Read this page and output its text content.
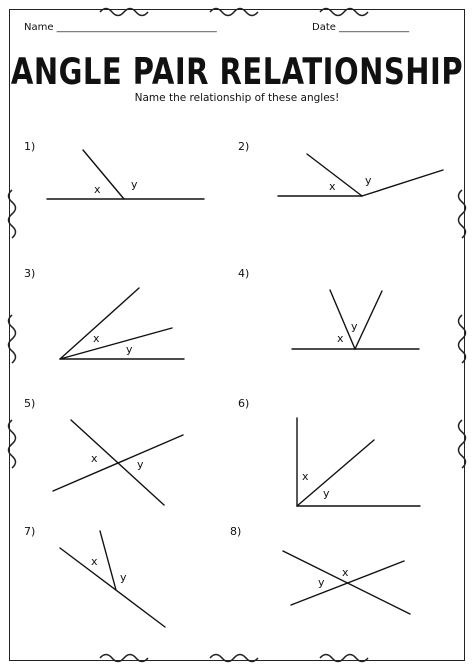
Name ________________________________	Date ______________
ANGLE PAIR RELATIONSHIP
Name the relationship of these angles!
1)	2)
3)	4)
5)	6)
7)	8)
x	y	x	y
x
y
x
y
x	y
x
y
x
y	y
x
